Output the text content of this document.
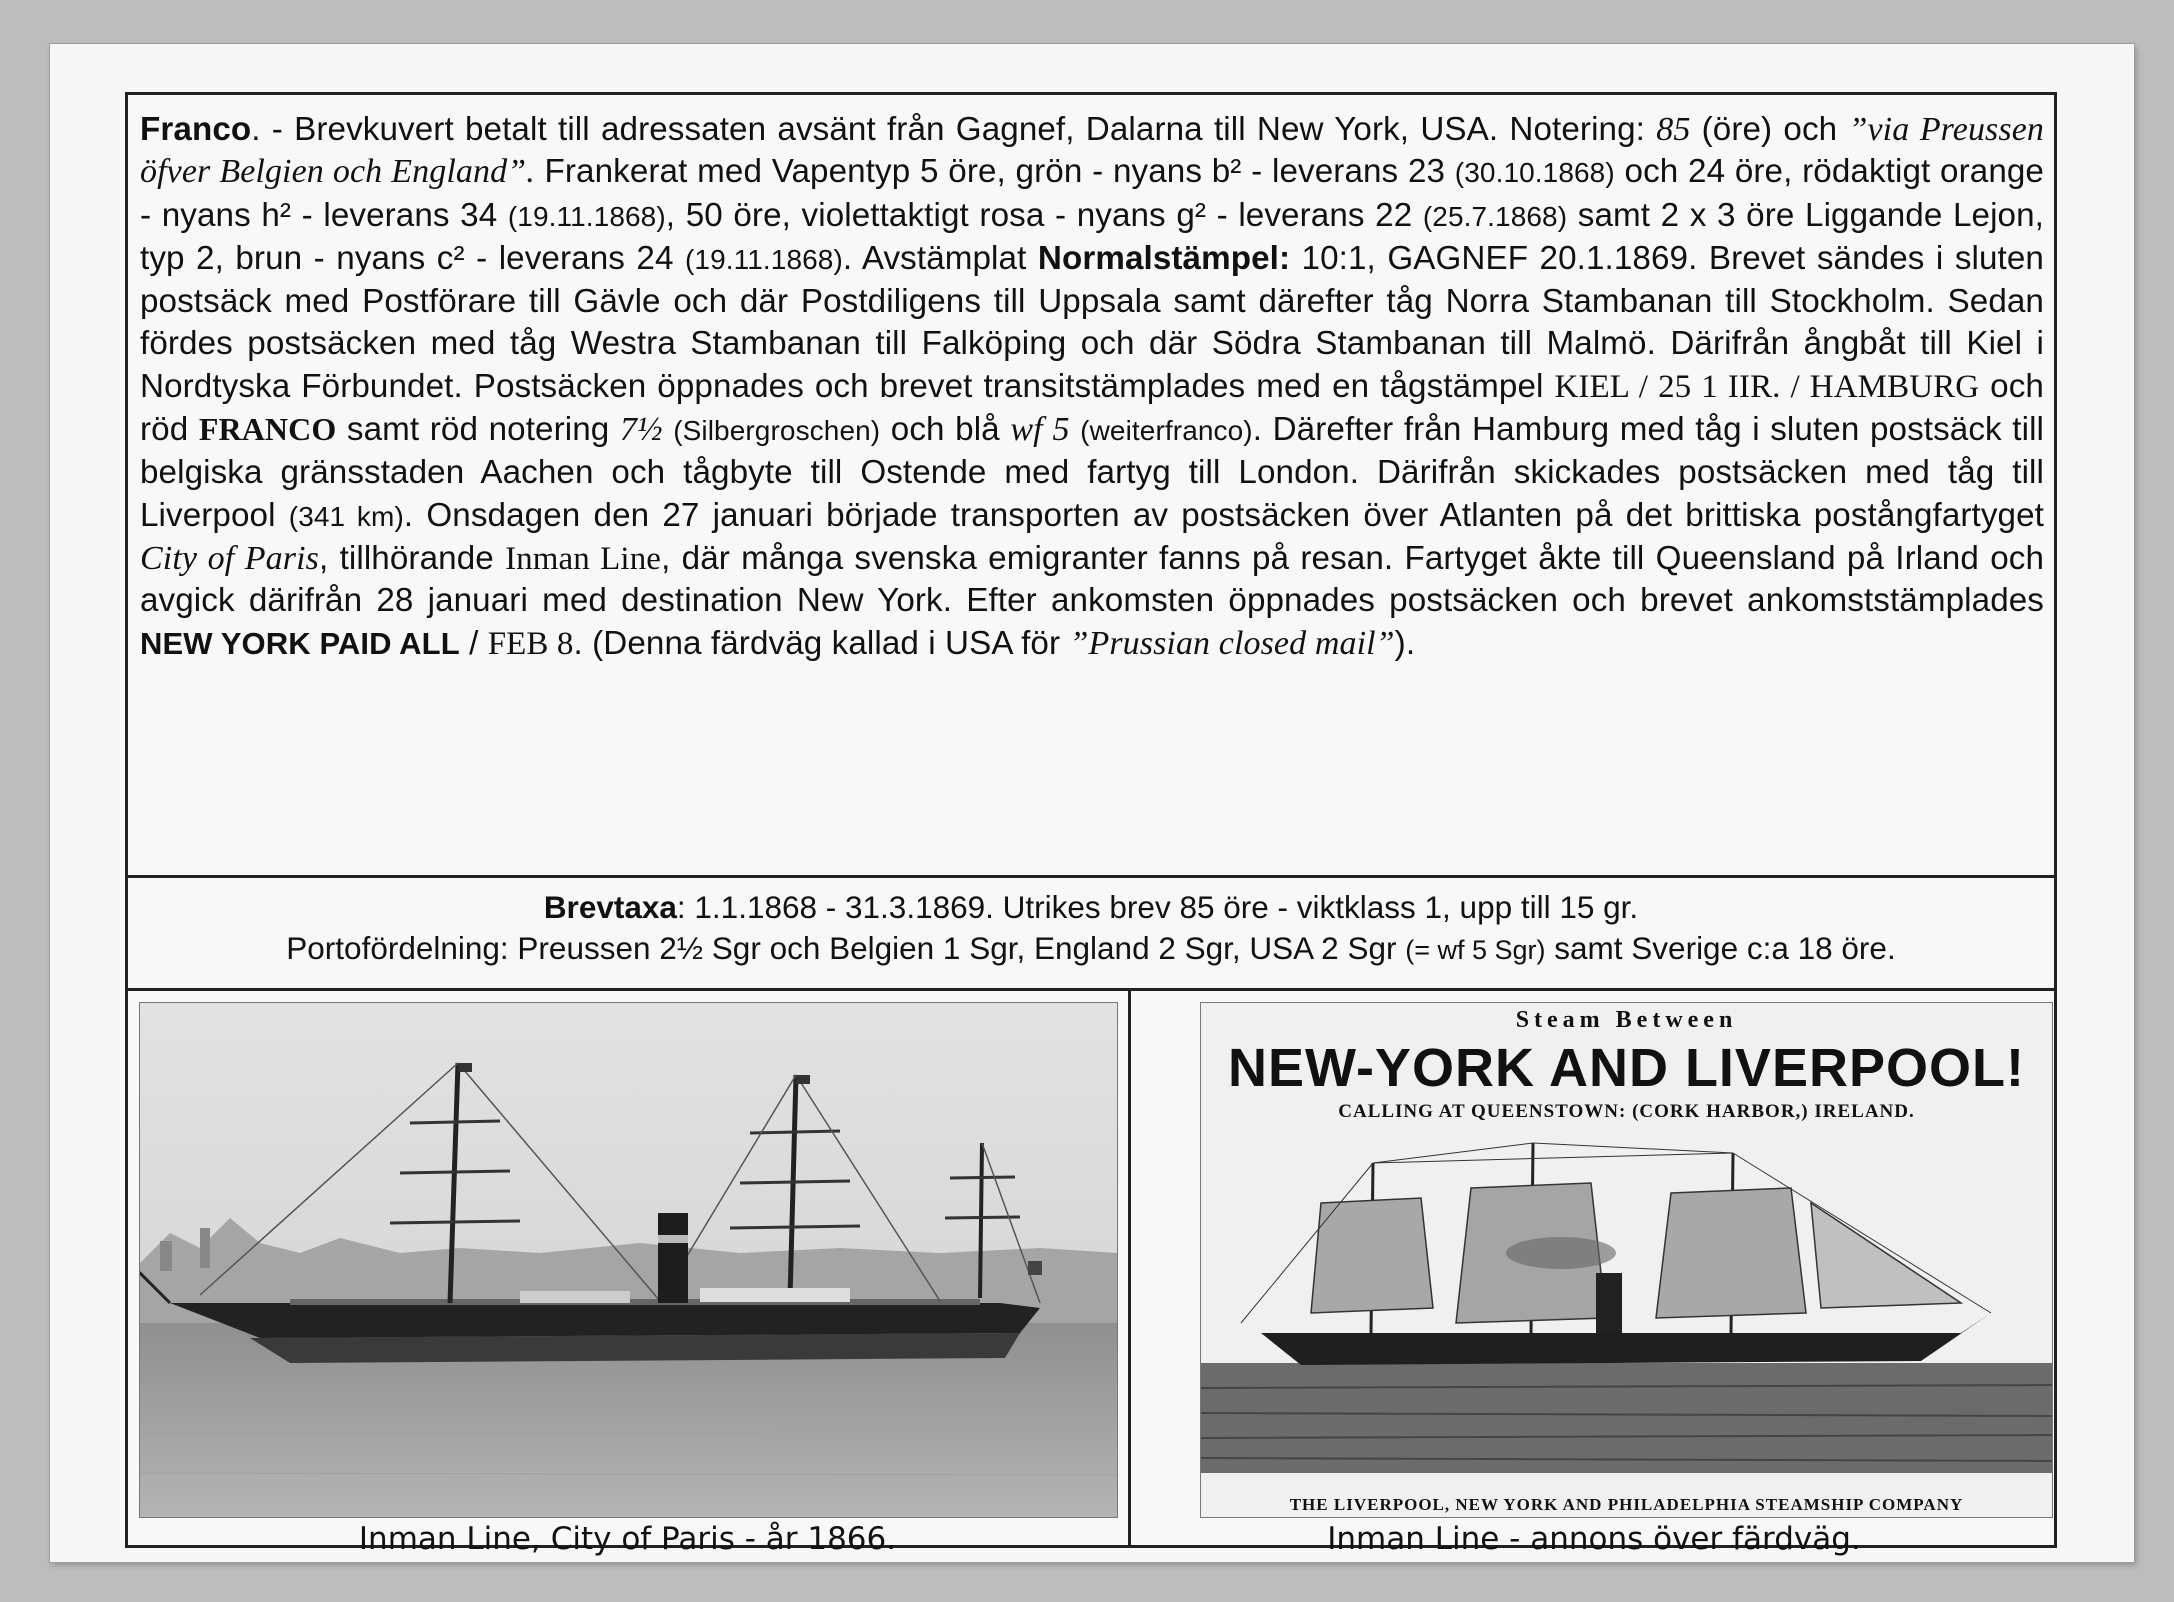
Franco. - Brevkuvert betalt till adressaten avsänt från Gagnef, Dalarna till New York, USA. Notering: 85 (öre) och ”via Preussen öfver Belgien och England”. Frankerat med Vapentyp 5 öre, grön - nyans b² - leverans 23 (30.10.1868) och 24 öre, rödaktigt orange - nyans h² - leverans 34 (19.11.1868), 50 öre, violettaktigt rosa - nyans g² - leverans 22 (25.7.1868) samt 2 x 3 öre Liggande Lejon, typ 2, brun - nyans c² - leverans 24 (19.11.1868). Avstämplat Normalstämpel: 10:1, GAGNEF 20.1.1869. Brevet sändes i sluten postsäck med Postförare till Gävle och där Postdiligens till Uppsala samt därefter tåg Norra Stambanan till Stockholm. Sedan fördes postsäcken med tåg Westra Stambanan till Falköping och där Södra Stambanan till Malmö. Därifrån ångbåt till Kiel i Nordtyska Förbundet. Postsäcken öppnades och brevet transitstämplades med en tågstämpel KIEL / 25 1 IIR. / HAMBURG och röd FRANCO samt röd notering 7½ (Silbergroschen) och blå wf 5 (weiterfranco). Därefter från Hamburg med tåg i sluten postsäck till belgiska gränsstaden Aachen och tågbyte till Ostende med fartyg till London. Därifrån skickades postsäcken med tåg till Liverpool (341 km). Onsdagen den 27 januari började transporten av postsäcken över Atlanten på det brittiska postångfartyget City of Paris, tillhörande Inman Line, där många svenska emigranter fanns på resan. Fartyget åkte till Queensland på Irland och avgick därifrån 28 januari med destination New York. Efter ankomsten öppnades postsäcken och brevet ankomststämplades NEW YORK PAID ALL / FEB 8. (Denna färdväg kallad i USA för ”Prussian closed mail”).

Brevtaxa: 1.1.1868 - 31.3.1869. Utrikes brev 85 öre - viktklass 1, upp till 15 gr.
Portofördelning: Preussen 2½ Sgr och Belgien 1 Sgr, England 2 Sgr, USA 2 Sgr (= wf 5 Sgr) samt Sverige c:a 18 öre.
Steam Between
NEW-YORK AND LIVERPOOL!
CALLING AT QUEENSTOWN: (CORK HARBOR,) IRELAND.
THE LIVERPOOL, NEW YORK AND PHILADELPHIA STEAMSHIP COMPANY
Inman Line, City of Paris - år 1866.	Inman Line - annons över färdväg.
